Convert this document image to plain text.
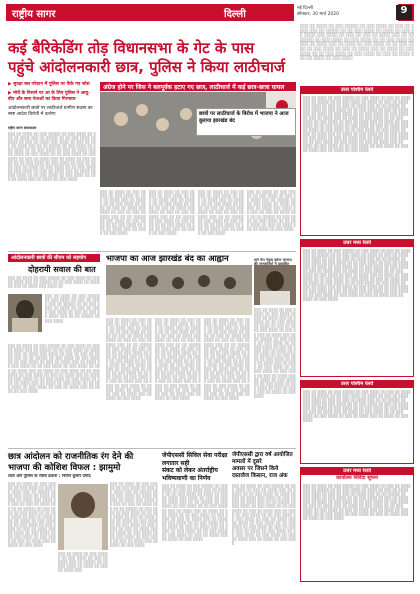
राष्ट्रीय सागर	दिल्ली
नई दिल्ली
सोमवार, 30 मार्च 2020	9
कई बैरिकेडिंग तोड़ विधानसभा के गेट के पास
पहुंचे आंदोलनकारी छात्र, पुलिस ने किया लाठीचार्ज
▶ सुरक्षा बल परेशान में पुलिस पर फेंके गए जोश
▶ मोर्चे के निशाने पर आ के लिए पुलिस ने आवू-बीए और छात्र नेताओं का किया गिरफ्तार
आंदोलनकारी छात्रों पर लाठीचार्ज ग्रामीण सदस्य का स्पष्ट आदेश विरोधी में उतरेगा
राष्ट्रीय सागर संवाददाता
░░░ ░░ ░░░░ ░░ ░░░ ░░░░░ ░░ ░░░ ░░░░ ░░ ░░░ ░░ ░░░░ ░░░ ░░ ░░░░░ ░░ ░░ ░░░ ░░░░ ░░ ░░░░ ░░ ░░░ ░░ ░░░░ ░░░ ░░░░ ░░ ░░░ ░░ ░░░ ░░ ░░░░ ░░░ ░░ ░░ ░░░░░ ░░ ░░░ ░░░░ ░░ ░░░ ░░░░ ░░ ░░ ░░░ ░░░░ ░░ ░░░ ░░ ░░░░ ░░░ ░░ ░░░░ ░░ ░░░ ░░░░ ░░ ░░ ░░░ ░░░░ ░░ ░░░ ░░░░ ░░ ░░░ ░░ ░░░░ ░░░ ░░ ░░░░ ░░ ░░░ ░░░░ ░░ ░░ ░░░ ░░░░ ░░ ░░░ ░░░░ ░░ ░░░ ░░ ░░░░ ░░░ ░░ ░░░░ ░░ ░░░ ░░░░ ░░ ░░ ░░░ ░░░░ ░░ ░░░ ░░░░ ░░ ░░░ ░░ ░░░░ ░░░ ░░ ░░░░ ░░ ░░░ ░░░░ ░░ ░░ ░░░ ░░░░ ░░ ░░░ ░░░░ ░░ ░░░ ░░ ░░░░ ░░░ ░░ ░░░░ ░░ ░░░ ░░░░
अंग्रेज होने पर जिस ने बलपूर्वक हटाए गए छात्र, लाठीचार्ज में कई छात्र-छात्रा घायल
छात्रों पर लाठीचार्ज के विरोध में भाजपा ने आज बुलाया झारखंड बंद
░░░ ░░ ░░░░ ░░ ░░░ ░░░░░ ░░ ░░░ ░░░░ ░░ ░░░ ░░ ░░░░ ░░░ ░░ ░░░░░ ░░ ░░ ░░░ ░░░░ ░░ ░░░░ ░░ ░░░ ░░ ░░░░ ░░░ ░░░░ ░░ ░░░ ░░ ░░░ ░░ ░░░░ ░░░ ░░ ░░ ░░░░░ ░░ ░░░ ░░░░ ░░ ░░░ ░░░░ ░░ ░░ ░░░ ░░░░ ░░ ░░░ ░░ ░░░░ ░░░ ░░ ░░░░ ░░ ░░░ ░░░░
░░░ ░░ ░░░░ ░░ ░░░ ░░░░░ ░░ ░░░ ░░░░ ░░ ░░░ ░░ ░░░░ ░░░ ░░ ░░░░░ ░░ ░░ ░░░ ░░░░ ░░ ░░░░ ░░ ░░░ ░░ ░░░░ ░░░ ░░░░ ░░ ░░░ ░░ ░░░ ░░ ░░░░ ░░░ ░░ ░░ ░░░░░ ░░ ░░░ ░░░░ ░░ ░░░ ░░░░ ░░ ░░ ░░░ ░░░░ ░░ ░░░ ░░ ░░░░ ░░░ ░░ ░░░░ ░░ ░░░ ░░░░
░░░ ░░ ░░░░ ░░ ░░░ ░░░░░ ░░ ░░░ ░░░░ ░░ ░░░ ░░ ░░░░ ░░░ ░░ ░░░░░ ░░ ░░ ░░░ ░░░░ ░░ ░░░░ ░░ ░░░ ░░ ░░░░ ░░░ ░░░░ ░░ ░░░ ░░ ░░░ ░░ ░░░░ ░░░ ░░ ░░ ░░░░░ ░░ ░░░ ░░░░ ░░ ░░░ ░░░░ ░░ ░░ ░░░ ░░░░ ░░ ░░░ ░░ ░░░░ ░░░ ░░ ░░░░ ░░ ░░░ ░░░░
░░░ ░░ ░░░░ ░░ ░░░ ░░░░░ ░░ ░░░ ░░░░ ░░ ░░░ ░░ ░░░░ ░░░ ░░ ░░░░░ ░░ ░░ ░░░ ░░░░ ░░ ░░░░ ░░ ░░░ ░░ ░░░░ ░░░ ░░░░ ░░ ░░░ ░░ ░░░ ░░ ░░░░ ░░░ ░░ ░░ ░░░░░ ░░ ░░░ ░░░░ ░░ ░░░ ░░░░ ░░ ░░ ░░░ ░░░░ ░░ ░░░ ░░ ░░░░ ░░░ ░░ ░░░░ ░░ ░░░ ░░░░
आंदोलनकारी छात्रों की सीएम को सहयोग
दोहरायी सवाल की बात
░░░ ░░ ░░░░ ░░ ░░░ ░░░░░ ░░ ░░░ ░░░░ ░░ ░░░ ░░ ░░░░ ░░░ ░░ ░░░░░ ░░ ░░ ░░░ ░░░░ ░░ ░░░░ ░░ ░░░ ░░ ░░░░ ░░░ ░░░░ ░░
░░░ ░░ ░░░░ ░░ ░░░ ░░░░░ ░░ ░░░ ░░░░ ░░ ░░░ ░░ ░░░░ ░░░ ░░ ░░░░░ ░░ ░░ ░░░ ░░░░ ░░ ░░░░ ░░ ░░░ ░░ ░░░░ ░░░ ░░░░ ░░ ░░░ ░░ ░░░ ░░ ░░░░ ░░░ ░░ ░░ ░░░░░ ░░ ░░░ ░░░░
░░░ ░░ ░░░░ ░░ ░░░ ░░░░░ ░░ ░░░ ░░░░ ░░ ░░░ ░░ ░░░░ ░░░ ░░ ░░░░░ ░░ ░░ ░░░ ░░░░ ░░ ░░░░ ░░ ░░░ ░░ ░░░░ ░░░ ░░░░ ░░ ░░░ ░░ ░░░ ░░ ░░░░ ░░░ ░░ ░░ ░░░░░ ░░ ░░░ ░░░░ ░░ ░░░ ░░░░ ░░ ░░ ░░░ ░░░░ ░░ ░░░ ░░ ░░░░ ░░░ ░░ ░░░░ ░░ ░░░ ░░░░ ░░ ░░ ░░░ ░░░░ ░░ ░░░ ░░░░ ░░ ░░░ ░░ ░░░░ ░░░ ░░ ░░░░ ░░ ░░░ ░░░░ ░░ ░░ ░░░ ░░░░ ░░ ░░░ ░░░░ ░░ ░░░ ░░ ░░░░ ░░░ ░░ ░░░░ ░░ ░░░ ░░░░ ░░ ░░ ░░░ ░░░░ ░░ ░░░ ░░░░ ░░ ░░░ ░░ ░░░░ ░░░ ░░ ░░░░ ░░ ░░░ ░░░░ ░░ ░░ ░░░ ░░░░ ░░ ░░░ ░░░░ ░░ ░░░ ░░ ░░░░ ░░░ ░░ ░░░░ ░░ ░░░ ░░░░
भाजपा का आज झारखंड बंद का आह्वान	सारे मेरा नेतृत्व करेगा भाजपा की जनजातियों में प्रकाशित
░░░ ░░ ░░░░ ░░ ░░░ ░░░░░ ░░ ░░░ ░░░░ ░░ ░░░ ░░ ░░░░ ░░░ ░░ ░░░░░ ░░ ░░ ░░░ ░░░░ ░░ ░░░░ ░░ ░░░ ░░ ░░░░ ░░░ ░░░░ ░░ ░░░ ░░ ░░░ ░░ ░░░░ ░░░ ░░ ░░ ░░░░░ ░░ ░░░ ░░░░ ░░ ░░░ ░░░░ ░░ ░░ ░░░ ░░░░ ░░ ░░░ ░░ ░░░░ ░░░ ░░ ░░░░ ░░ ░░░ ░░░░ ░░ ░░ ░░░ ░░░░ ░░ ░░░ ░░░░ ░░ ░░░ ░░ ░░░░ ░░░ ░░ ░░░░ ░░ ░░░ ░░░░ ░░ ░░ ░░░ ░░░░ ░░ ░░░ ░░░░ ░░ ░░░ ░░ ░░░░ ░░░ ░░ ░░░░ ░░ ░░░ ░░░░ ░░ ░░ ░░░ ░░░░ ░░ ░░░ ░░░░ ░░ ░░░ ░░ ░░░░ ░░░ ░░ ░░░░ ░░ ░░░ ░░░░
░░░ ░░ ░░░░ ░░ ░░░ ░░░░░ ░░ ░░░ ░░░░ ░░ ░░░ ░░ ░░░░ ░░░ ░░ ░░░░░ ░░ ░░ ░░░ ░░░░ ░░ ░░░░ ░░ ░░░ ░░ ░░░░ ░░░ ░░░░ ░░ ░░░ ░░ ░░░ ░░ ░░░░ ░░░ ░░ ░░ ░░░░░ ░░ ░░░ ░░░░ ░░ ░░░ ░░░░ ░░ ░░ ░░░ ░░░░ ░░ ░░░ ░░ ░░░░ ░░░ ░░ ░░░░ ░░ ░░░ ░░░░ ░░ ░░ ░░░ ░░░░ ░░ ░░░ ░░░░ ░░ ░░░ ░░ ░░░░ ░░░ ░░ ░░░░ ░░ ░░░ ░░░░ ░░ ░░ ░░░ ░░░░ ░░ ░░░ ░░░░ ░░ ░░░ ░░ ░░░░ ░░░ ░░ ░░░░ ░░ ░░░ ░░░░ ░░ ░░ ░░░ ░░░░ ░░ ░░░ ░░░░ ░░ ░░░ ░░ ░░░░ ░░░ ░░ ░░░░ ░░ ░░░ ░░░░
░░░ ░░ ░░░░ ░░ ░░░ ░░░░░ ░░ ░░░ ░░░░ ░░ ░░░ ░░ ░░░░ ░░░ ░░ ░░░░░ ░░ ░░ ░░░ ░░░░ ░░ ░░░░ ░░ ░░░ ░░ ░░░░ ░░░ ░░░░ ░░ ░░░ ░░ ░░░ ░░ ░░░░ ░░░ ░░ ░░ ░░░░░ ░░ ░░░ ░░░░ ░░ ░░░ ░░░░ ░░ ░░ ░░░ ░░░░ ░░ ░░░ ░░ ░░░░ ░░░ ░░ ░░░░ ░░ ░░░ ░░░░ ░░ ░░ ░░░ ░░░░ ░░ ░░░ ░░░░ ░░ ░░░ ░░ ░░░░ ░░░ ░░ ░░░░ ░░ ░░░ ░░░░ ░░ ░░ ░░░ ░░░░ ░░ ░░░ ░░░░ ░░ ░░░ ░░ ░░░░ ░░░ ░░ ░░░░ ░░ ░░░ ░░░░ ░░ ░░ ░░░ ░░░░ ░░ ░░░ ░░░░ ░░ ░░░ ░░ ░░░░ ░░░ ░░ ░░░░ ░░ ░░░ ░░░░
░░░ ░░ ░░░░ ░░ ░░░ ░░░░░ ░░ ░░░ ░░░░ ░░ ░░░ ░░ ░░░░ ░░░ ░░ ░░░░░ ░░ ░░ ░░░ ░░░░ ░░ ░░░░ ░░ ░░░ ░░ ░░░░ ░░░ ░░░░ ░░ ░░░ ░░ ░░░ ░░ ░░░░ ░░░ ░░ ░░ ░░░░░ ░░ ░░░ ░░░░ ░░ ░░░ ░░░░ ░░ ░░ ░░░ ░░░░ ░░ ░░░ ░░ ░░░░ ░░░ ░░ ░░░░ ░░ ░░░ ░░░░ ░░ ░░ ░░░ ░░░░ ░░ ░░░ ░░░░ ░░ ░░░ ░░ ░░░░ ░░░ ░░ ░░░░ ░░ ░░░ ░░░░ ░░ ░░ ░░░ ░░░░ ░░ ░░░ ░░░░ ░░ ░░░ ░░ ░░░░ ░░░ ░░ ░░░░ ░░ ░░░ ░░░░ ░░ ░░ ░░░ ░░░░ ░░ ░░░ ░░░░ ░░ ░░░ ░░ ░░░░ ░░░ ░░ ░░░░ ░░ ░░░ ░░░░
छात्र आंदोलन को राजनीतिक रंग देने की
भाजपा की कोशिश विफल : झामुमो
लाशें और पुलिस के रास्ता ढंकना : नितीन कुमार प्रमोद
░░░ ░░ ░░░░ ░░ ░░░ ░░░░░ ░░ ░░░ ░░░░ ░░ ░░░ ░░ ░░░░ ░░░ ░░ ░░░░░ ░░ ░░ ░░░ ░░░░ ░░ ░░░░ ░░ ░░░ ░░ ░░░░ ░░░ ░░░░ ░░ ░░░ ░░ ░░░ ░░ ░░░░ ░░░ ░░ ░░ ░░░░░ ░░ ░░░ ░░░░ ░░ ░░░ ░░░░ ░░ ░░ ░░░ ░░░░ ░░ ░░░ ░░ ░░░░ ░░░ ░░ ░░░░ ░░ ░░░ ░░░░ ░░ ░░ ░░░ ░░░░ ░░ ░░░ ░░░░ ░░ ░░░ ░░ ░░░░ ░░░ ░░ ░░░░ ░░ ░░░ ░░░░ ░░ ░░ ░░░ ░░░░ ░░ ░░░ ░░░░ ░░ ░░░ ░░ ░░░░ ░░░ ░░ ░░░░ ░░ ░░░ ░░░░
░░░ ░░ ░░░░ ░░ ░░░ ░░░░░ ░░ ░░░ ░░░░ ░░ ░░░ ░░ ░░░░ ░░░ ░░ ░░░░░ ░░ ░░ ░░░ ░░░░ ░░ ░░░░ ░░ ░░░ ░░ ░░░░ ░░░
░░░ ░░ ░░░░ ░░ ░░░ ░░░░░ ░░ ░░░ ░░░░ ░░ ░░░ ░░ ░░░░ ░░░ ░░ ░░░░░ ░░ ░░ ░░░ ░░░░ ░░ ░░░░ ░░ ░░░ ░░ ░░░░ ░░░ ░░░░ ░░ ░░░ ░░ ░░░ ░░ ░░░░ ░░░ ░░ ░░ ░░░░░ ░░ ░░░ ░░░░ ░░ ░░░ ░░░░ ░░ ░░ ░░░ ░░░░ ░░ ░░░ ░░ ░░░░ ░░░ ░░ ░░░░ ░░ ░░░ ░░░░ ░░ ░░ ░░░ ░░░░ ░░ ░░░ ░░░░ ░░ ░░░ ░░ ░░░░ ░░░ ░░ ░░░░ ░░ ░░░ ░░░░ ░░ ░░ ░░░ ░░░░ ░░ ░░░ ░░░░ ░░ ░░░ ░░ ░░░░ ░░░ ░░ ░░░░ ░░ ░░░ ░░░░
जेपीएससी सिविल सेवा परीक्षा लगातार सही
संकट को लेकर अंतर्राष्ट्रीय भविष्यवाणी का निर्णय
░░░ ░░ ░░░░ ░░ ░░░ ░░░░░ ░░ ░░░ ░░░░ ░░ ░░░ ░░ ░░░░ ░░░ ░░ ░░░░░ ░░ ░░ ░░░ ░░░░ ░░ ░░░░ ░░ ░░░ ░░ ░░░░ ░░░ ░░░░ ░░ ░░░ ░░ ░░░ ░░ ░░░░ ░░░ ░░ ░░ ░░░░░ ░░ ░░░ ░░░░ ░░ ░░░ ░░░░ ░░ ░░ ░░░ ░░░░ ░░ ░░░ ░░ ░░░░ ░░░ ░░ ░░░░ ░░ ░░░ ░░░░ ░░ ░░ ░░░ ░░░░ ░░ ░░░ ░░░░ ░░ ░░░ ░░ ░░░░ ░░░ ░░ ░░░░ ░░ ░░░ ░░░░ ░░ ░░ ░░░ ░░░░ ░░ ░░░ ░░░░ ░░ ░░░ ░░ ░░░░ ░░░ ░░ ░░░░ ░░ ░░░ ░░░░ ░░ ░░ ░░░ ░░░░ ░░ ░░░ ░░░░ ░░ ░░░ ░░ ░░░░ ░░░ ░░ ░░░░ ░░ ░░░ ░░░░
जेपीएससी द्वारा वर्ष आयोजित मामलों में दूसरे
अवसर पर जिसने किये दस्तावेज किसान, राज अंक
░░░ ░░ ░░░░ ░░ ░░░ ░░░░░ ░░ ░░░ ░░░░ ░░ ░░░ ░░ ░░░░ ░░░ ░░ ░░░░░ ░░ ░░ ░░░ ░░░░ ░░ ░░░░ ░░ ░░░ ░░ ░░░░ ░░░ ░░░░ ░░ ░░░ ░░ ░░░ ░░ ░░░░ ░░░ ░░ ░░ ░░░░░ ░░ ░░░ ░░░░ ░░ ░░░ ░░░░ ░░ ░░ ░░░ ░░░░ ░░ ░░░ ░░ ░░░░ ░░░ ░░ ░░░░ ░░ ░░░ ░░░░ ░░ ░░ ░░░ ░░░░ ░░ ░░░ ░░░░ ░░ ░░░ ░░ ░░░░ ░░░ ░░ ░░░░ ░░ ░░░ ░░░░ ░░ ░░ ░░░ ░░░░ ░░ ░░░ ░░░░ ░░ ░░░ ░░ ░░░░ ░░░ ░░ ░░░░ ░░ ░░░ ░░░░ ░░ ░░ ░░░ ░░░░ ░░ ░░░ ░░░░ ░░ ░░░ ░░ ░░░░ ░░░ ░░ ░░░░ ░░ ░░░ ░░░░
░░░ ░░ ░░░░ ░░ ░░░ ░░░░░ ░░ ░░░ ░░░░ ░░ ░░░ ░░ ░░░░ ░░░ ░░ ░░░░░ ░░ ░░ ░░░ ░░░░ ░░ ░░░░ ░░ ░░░ ░░ ░░░░ ░░░ ░░░░ ░░ ░░░ ░░ ░░░ ░░ ░░░░ ░░░ ░░ ░░ ░░░░░ ░░ ░░░ ░░░░ ░░ ░░░ ░░░░ ░░ ░░ ░░░ ░░░░ ░░ ░░░ ░░ ░░░░ ░░░ ░░ ░░░░ ░░ ░░░ ░░░░ ░░ ░░ ░░░ ░░░░ ░░ ░░░ ░░░░ ░░ ░░░ ░░ ░░░░ ░░░ ░░ ░░░░ ░░ ░░░ ░░░░ ░░ ░░ ░░░ ░░░░ ░░ ░░░ ░░░░ ░░ ░░░ ░░ ░░░░ ░░░ ░░ ░░░░ ░░ ░░░ ░░░░
उत्तर पश्चिम रेलवे
░░░ ░░ ░░░░ ░░ ░░░ ░░░░░ ░░ ░░░ ░░░░ ░░ ░░░ ░░ ░░░░ ░░░ ░░ ░░░░░ ░░ ░░ ░░░ ░░░░ ░░ ░░░░ ░░ ░░░ ░░ ░░░░ ░░░ ░░░░ ░░ ░░░ ░░ ░░░ ░░ ░░░░ ░░░ ░░ ░░ ░░░░░ ░░ ░░░ ░░░░ ░░ ░░░ ░░░░ ░░ ░░ ░░░ ░░░░ ░░ ░░░ ░░ ░░░░ ░░░ ░░ ░░░░ ░░ ░░░ ░░░░ ░░ ░░ ░░░ ░░░░ ░░ ░░░ ░░░░ ░░ ░░░ ░░ ░░░░ ░░░ ░░ ░░░░ ░░ ░░░ ░░░░ ░░ ░░ ░░░ ░░░░ ░░ ░░░ ░░░░ ░░ ░░░ ░░ ░░░░ ░░░ ░░ ░░░░ ░░ ░░░ ░░░░ ░░ ░░ ░░░ ░░░░ ░░ ░░░ ░░░░ ░░ ░░░ ░░ ░░░░ ░░░ ░░ ░░░░ ░░ ░░░ ░░░░ ░░ ░░ ░░░ ░░░░ ░░ ░░░ ░░░░ ░░ ░░░ ░░ ░░░░ ░░░ ░░ ░░░░ ░░ ░░░ ░░░░ ░░ ░░ ░░░ ░░░░ ░░ ░░░ ░░░░ ░░ ░░░ ░░ ░░░░ ░░░ ░░ ░░░░ ░░ ░░░ ░░░░ ░░ ░░ ░░░ ░░░░ ░░ ░░░ ░░░░ ░░ ░░░ ░░ ░░░░ ░░░ ░░ ░░░░ ░░ ░░░ ░░░░ ░░ ░░ ░░░ ░░░░ ░░ ░░░ ░░░░ ░░ ░░░ ░░ ░░░░ ░░░ ░░ ░░░░ ░░ ░░░ ░░░░
उत्तर मध्य रेलवे
░░░ ░░ ░░░░ ░░ ░░░ ░░░░░ ░░ ░░░ ░░░░ ░░ ░░░ ░░ ░░░░ ░░░ ░░ ░░░░░ ░░ ░░ ░░░ ░░░░ ░░ ░░░░ ░░ ░░░ ░░ ░░░░ ░░░ ░░░░ ░░ ░░░ ░░ ░░░ ░░ ░░░░ ░░░ ░░ ░░ ░░░░░ ░░ ░░░ ░░░░ ░░ ░░░ ░░░░ ░░ ░░ ░░░ ░░░░ ░░ ░░░ ░░ ░░░░ ░░░ ░░ ░░░░ ░░ ░░░ ░░░░ ░░ ░░ ░░░ ░░░░ ░░ ░░░ ░░░░ ░░ ░░░ ░░ ░░░░ ░░░ ░░ ░░░░ ░░ ░░░ ░░░░ ░░ ░░ ░░░ ░░░░ ░░ ░░░ ░░░░ ░░ ░░░ ░░ ░░░░ ░░░ ░░ ░░░░ ░░ ░░░ ░░░░ ░░ ░░ ░░░ ░░░░ ░░ ░░░ ░░░░ ░░ ░░░ ░░ ░░░░ ░░░ ░░ ░░░░ ░░ ░░░ ░░░░ ░░ ░░ ░░░ ░░░░ ░░ ░░░ ░░░░ ░░ ░░░ ░░ ░░░░ ░░░ ░░ ░░░░ ░░ ░░░ ░░░░ ░░ ░░ ░░░ ░░░░ ░░ ░░░ ░░░░ ░░ ░░░ ░░ ░░░░ ░░░ ░░ ░░░░ ░░ ░░░ ░░░░ ░░ ░░ ░░░ ░░░░ ░░ ░░░ ░░░░ ░░ ░░░ ░░ ░░░░ ░░░ ░░ ░░░░ ░░ ░░░ ░░░░
उत्तर पश्चिम रेलवे
░░░ ░░ ░░░░ ░░ ░░░ ░░░░░ ░░ ░░░ ░░░░ ░░ ░░░ ░░ ░░░░ ░░░ ░░ ░░░░░ ░░ ░░ ░░░ ░░░░ ░░ ░░░░ ░░ ░░░ ░░ ░░░░ ░░░ ░░░░ ░░ ░░░ ░░ ░░░ ░░ ░░░░ ░░░ ░░ ░░ ░░░░░ ░░ ░░░ ░░░░ ░░ ░░░ ░░░░ ░░ ░░ ░░░ ░░░░ ░░ ░░░ ░░ ░░░░ ░░░ ░░ ░░░░ ░░ ░░░ ░░░░ ░░ ░░ ░░░ ░░░░ ░░ ░░░ ░░░░ ░░ ░░░ ░░ ░░░░ ░░░ ░░ ░░░░ ░░ ░░░ ░░░░ ░░ ░░ ░░░ ░░░░ ░░ ░░░ ░░░░ ░░ ░░░ ░░ ░░░░ ░░░ ░░ ░░░░ ░░ ░░░ ░░░░
उत्तर मध्य रेलवे
कार्यालय निविदा सूचना
░░░ ░░ ░░░░ ░░ ░░░ ░░░░░ ░░ ░░░ ░░░░ ░░ ░░░ ░░ ░░░░ ░░░ ░░ ░░░░░ ░░ ░░ ░░░ ░░░░ ░░ ░░░░ ░░ ░░░ ░░ ░░░░ ░░░ ░░░░ ░░ ░░░ ░░ ░░░ ░░ ░░░░ ░░░ ░░ ░░ ░░░░░ ░░ ░░░ ░░░░ ░░ ░░░ ░░░░ ░░ ░░ ░░░ ░░░░ ░░ ░░░ ░░ ░░░░ ░░░ ░░ ░░░░ ░░ ░░░ ░░░░ ░░ ░░ ░░░ ░░░░ ░░ ░░░ ░░░░ ░░ ░░░ ░░ ░░░░ ░░░ ░░ ░░░░ ░░ ░░░ ░░░░ ░░ ░░ ░░░ ░░░░ ░░ ░░░ ░░░░ ░░ ░░░ ░░ ░░░░ ░░░ ░░ ░░░░ ░░ ░░░ ░░░░ ░░ ░░ ░░░ ░░░░ ░░ ░░░ ░░░░ ░░ ░░░ ░░ ░░░░ ░░░ ░░ ░░░░ ░░ ░░░ ░░░░
